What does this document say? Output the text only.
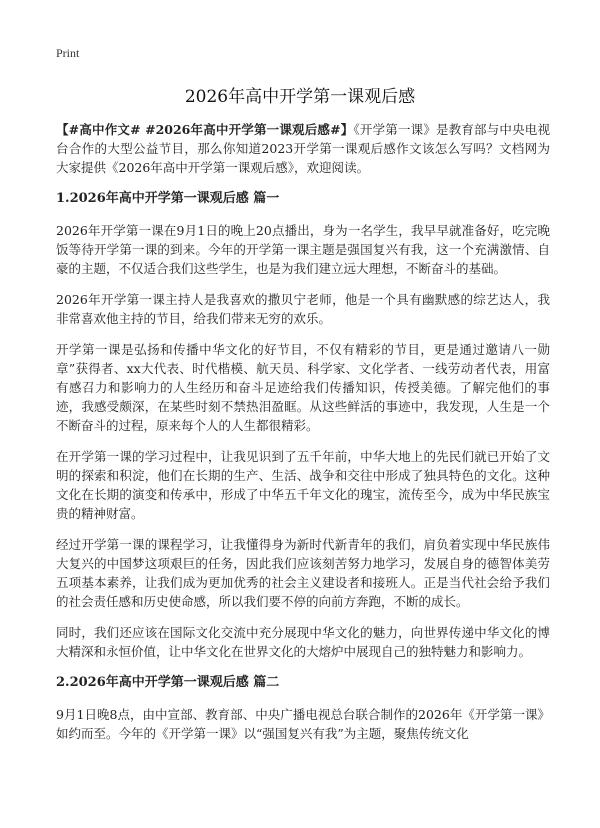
Print
2026年高中开学第一课观后感

【#高中作文# #2026年高中开学第一课观后感#】《开学第一课》是教育部与中央电视台合作的大型公益节目，那么你知道2023开学第一课观后感作文该怎么写吗？文档网为大家提供《2026年高中开学第一课观后感》，欢迎阅读。

1.2026年高中开学第一课观后感 篇一

2026年开学第一课在9月1日的晚上20点播出，身为一名学生，我早早就准备好，吃完晚饭等待开学第一课的到来。今年的开学第一课主题是强国复兴有我，这一个充满激情、自豪的主题，不仅适合我们这些学生，也是为我们建立远大理想，不断奋斗的基础。

2026年开学第一课主持人是我喜欢的撒贝宁老师，他是一个具有幽默感的综艺达人，我非常喜欢他主持的节目，给我们带来无穷的欢乐。

开学第一课是弘扬和传播中华文化的好节目，不仅有精彩的节目，更是通过邀请八一勋章”获得者、xx大代表、时代楷模、航天员、科学家、文化学者、一线劳动者代表，用富有感召力和影响力的人生经历和奋斗足迹给我们传播知识，传授美德。了解完他们的事迹，我感受颇深，在某些时刻不禁热泪盈眶。从这些鲜活的事迹中，我发现，人生是一个不断奋斗的过程，原来每个人的人生都很精彩。

在开学第一课的学习过程中，让我见识到了五千年前，中华大地上的先民们就已开始了文明的探索和积淀，他们在长期的生产、生活、战争和交往中形成了独具特色的文化。这种文化在长期的演变和传承中，形成了中华五千年文化的瑰宝，流传至今，成为中华民族宝贵的精神财富。

经过开学第一课的课程学习，让我懂得身为新时代新青年的我们，肩负着实现中华民族伟大复兴的中国梦这项艰巨的任务，因此我们应该刻苦努力地学习，发展自身的德智体美劳五项基本素养，让我们成为更加优秀的社会主义建设者和接班人。正是当代社会给予我们的社会责任感和历史使命感，所以我们要不停的向前方奔跑，不断的成长。

同时，我们还应该在国际文化交流中充分展现中华文化的魅力，向世界传递中华文化的博大精深和永恒价值，让中华文化在世界文化的大熔炉中展现自己的独特魅力和影响力。

2.2026年高中开学第一课观后感 篇二

9月1日晚8点，由中宣部、教育部、中央广播电视总台联合制作的2026年《开学第一课》如约而至。今年的《开学第一课》以“强国复兴有我”为主题，聚焦传统文化
